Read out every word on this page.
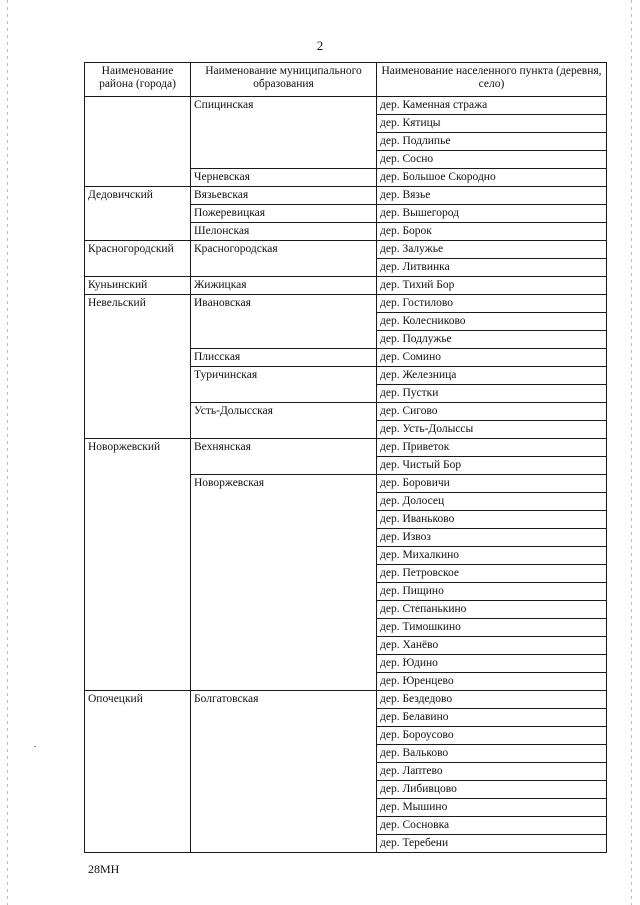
2
Наименование района (города)	Наименование муниципального образования	Наименование населенного пункта (деревня, село)
	Спицинская	дер. Каменная стража
		дер. Кятицы
		дер. Подлипье
		дер. Сосно
	Черневская	дер. Большое Скородно
Дедовичский	Вязьевская	дер. Вязье
	Пожеревицкая	дер. Вышегород
	Шелонская	дер. Борок
Красногородский	Красногородская	дер. Залужье
		дер. Литвинка
Куньинский	Жижицкая	дер. Тихий Бор
Невельский	Ивановская	дер. Гостилово
		дер. Колесниково
		дер. Подлужье
	Плисская	дер. Сомино
	Туричинская	дер. Железница
		дер. Пустки
	Усть-Долысская	дер. Сигово
		дер. Усть-Долыссы
Новоржевский	Вехнянская	дер. Приветок
		дер. Чистый Бор
	Новоржевская	дер. Боровичи
		дер. Долосец
		дер. Иваньково
		дер. Извоз
		дер. Михалкино
		дер. Петровское
		дер. Пищино
		дер. Степанькино
		дер. Тимошкино
		дер. Ханёво
		дер. Юдино
		дер. Юренцево
Опочецкий	Болгатовская	дер. Бездедово
		дер. Белавино
		дер. Бороусово
		дер. Вальково
		дер. Лаптево
		дер. Либивцово
		дер. Мышино
		дер. Сосновка
		дер. Теребени
28МН
